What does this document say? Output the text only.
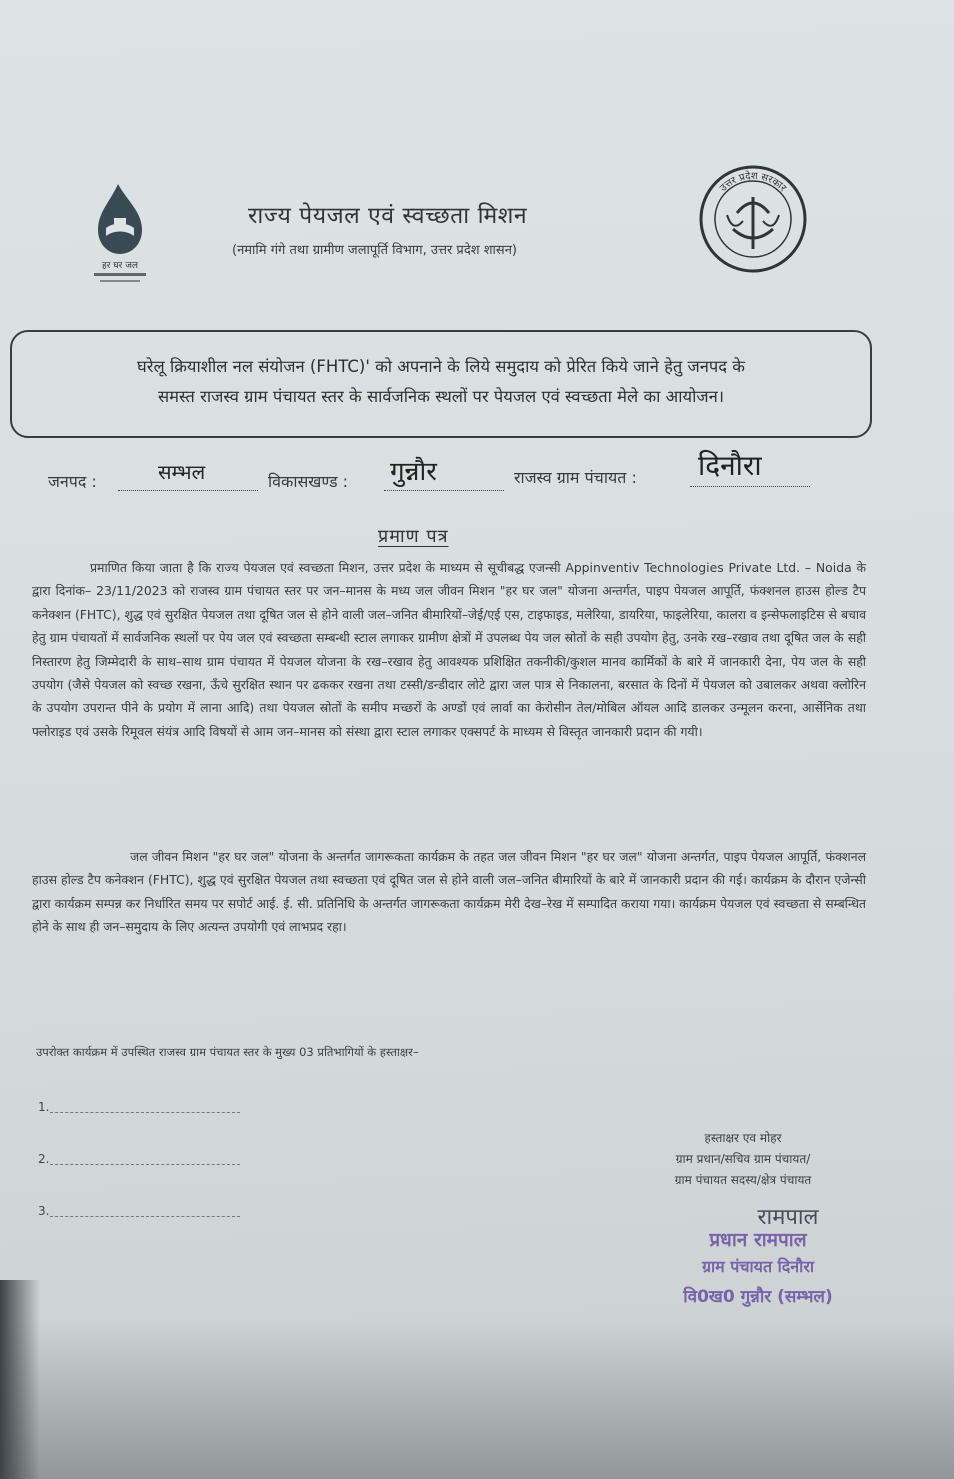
हर घर जल
राज्य पेयजल एवं स्वच्छता मिशन
(नमामि गंगे तथा ग्रामीण जलापूर्ति विभाग, उत्तर प्रदेश शासन)
उत्तर प्रदेश सरकार
घरेलू क्रियाशील नल संयोजन (FHTC)' को अपनाने के लिये समुदाय को प्रेरित किये जाने हेतु जनपद के
समस्त राजस्व ग्राम पंचायत स्तर के सार्वजनिक स्थलों पर पेयजल एवं स्वच्छता मेले का आयोजन।
जनपद :	सम्भल	विकासखण्ड : गुन्नौर	राजस्व ग्राम पंचायत : दिनौरा
प्रमाण पत्र
प्रमाणित किया जाता है कि राज्य पेयजल एवं स्वच्छता मिशन, उत्तर प्रदेश के माध्यम से सूचीबद्ध एजन्सी Appinventiv Technologies Private Ltd. – Noida के द्वारा दिनांक– 23/11/2023 को राजस्व ग्राम पंचायत स्तर पर जन–मानस के मध्य जल जीवन मिशन "हर घर जल" योजना अन्तर्गत, पाइप पेयजल आपूर्ति, फंक्शनल हाउस होल्ड टैप कनेक्शन (FHTC), शुद्ध एवं सुरक्षित पेयजल तथा दूषित जल से होने वाली जल–जनित बीमारियों–जेई/एई एस, टाइफाइड, मलेरिया, डायरिया, फाइलेरिया, कालरा व इन्सेफलाइटिस से बचाव हेतु ग्राम पंचायतों में सार्वजनिक स्थलों पर पेय जल एवं स्वच्छता सम्बन्धी स्टाल लगाकर ग्रामीण क्षेत्रों में उपलब्ध पेय जल स्रोतों के सही उपयोग हेतु, उनके रख–रखाव तथा दूषित जल के सही निस्तारण हेतु जिम्मेदारी के साथ–साथ ग्राम पंचायत में पेयजल योजना के रख–रखाव हेतु आवश्यक प्रशिक्षित तकनीकी/कुशल मानव कार्मिकों के बारे में जानकारी देना, पेय जल के सही उपयोग (जैसे पेयजल को स्वच्छ रखना, ऊँचे सुरक्षित स्थान पर ढककर रखना तथा टस्सी/डन्डीदार लोटे द्वारा जल पात्र से निकालना, बरसात के दिनों में पेयजल को उबालकर अथवा क्लोरिन के उपयोग उपरान्त पीने के प्रयोग में लाना आदि) तथा पेयजल स्रोतों के समीप मच्छरों के अण्डों एवं लार्वा का केरोसीन तेल/मोबिल ऑयल आदि डालकर उन्मूलन करना, आर्सेनिक तथा फ्लोराइड एवं उसके रिमूवल संयंत्र आदि विषयों से आम जन–मानस को संस्था द्वारा स्टाल लगाकर एक्सपर्ट के माध्यम से विस्तृत जानकारी प्रदान की गयी।
जल जीवन मिशन "हर घर जल" योजना के अन्तर्गत जागरूकता कार्यक्रम के तहत जल जीवन मिशन "हर घर जल" योजना अन्तर्गत, पाइप पेयजल आपूर्ति, फंक्शनल हाउस होल्ड टैप कनेक्शन (FHTC), शुद्ध एवं सुरक्षित पेयजल तथा स्वच्छता एवं दूषित जल से होने वाली जल–जनित बीमारियों के बारे में जानकारी प्रदान की गई। कार्यक्रम के दौरान एजेन्सी द्वारा कार्यक्रम सम्पन्न कर निर्धारित समय पर सपोर्ट आई. ई. सी. प्रतिनिधि के अन्तर्गत जागरूकता कार्यक्रम मेरी देख–रेख में सम्पादित कराया गया। कार्यक्रम पेयजल एवं स्वच्छता से सम्बन्धित होने के साथ ही जन–समुदाय के लिए अत्यन्त उपयोगी एवं लाभप्रद रहा।
उपरोक्त कार्यक्रम में उपस्थित राजस्व ग्राम पंचायत स्तर के मुख्य 03 प्रतिभागियों के हस्ताक्षर–
1.
2.
3.
हस्ताक्षर एव मोहर
ग्राम प्रधान/सचिव ग्राम पंचायत/
ग्राम पंचायत सदस्य/क्षेत्र पंचायत
रामपाल
प्रधान रामपाल
ग्राम पंचायत दिनौरा
वि0ख0 गुन्नौर (सम्भल)
